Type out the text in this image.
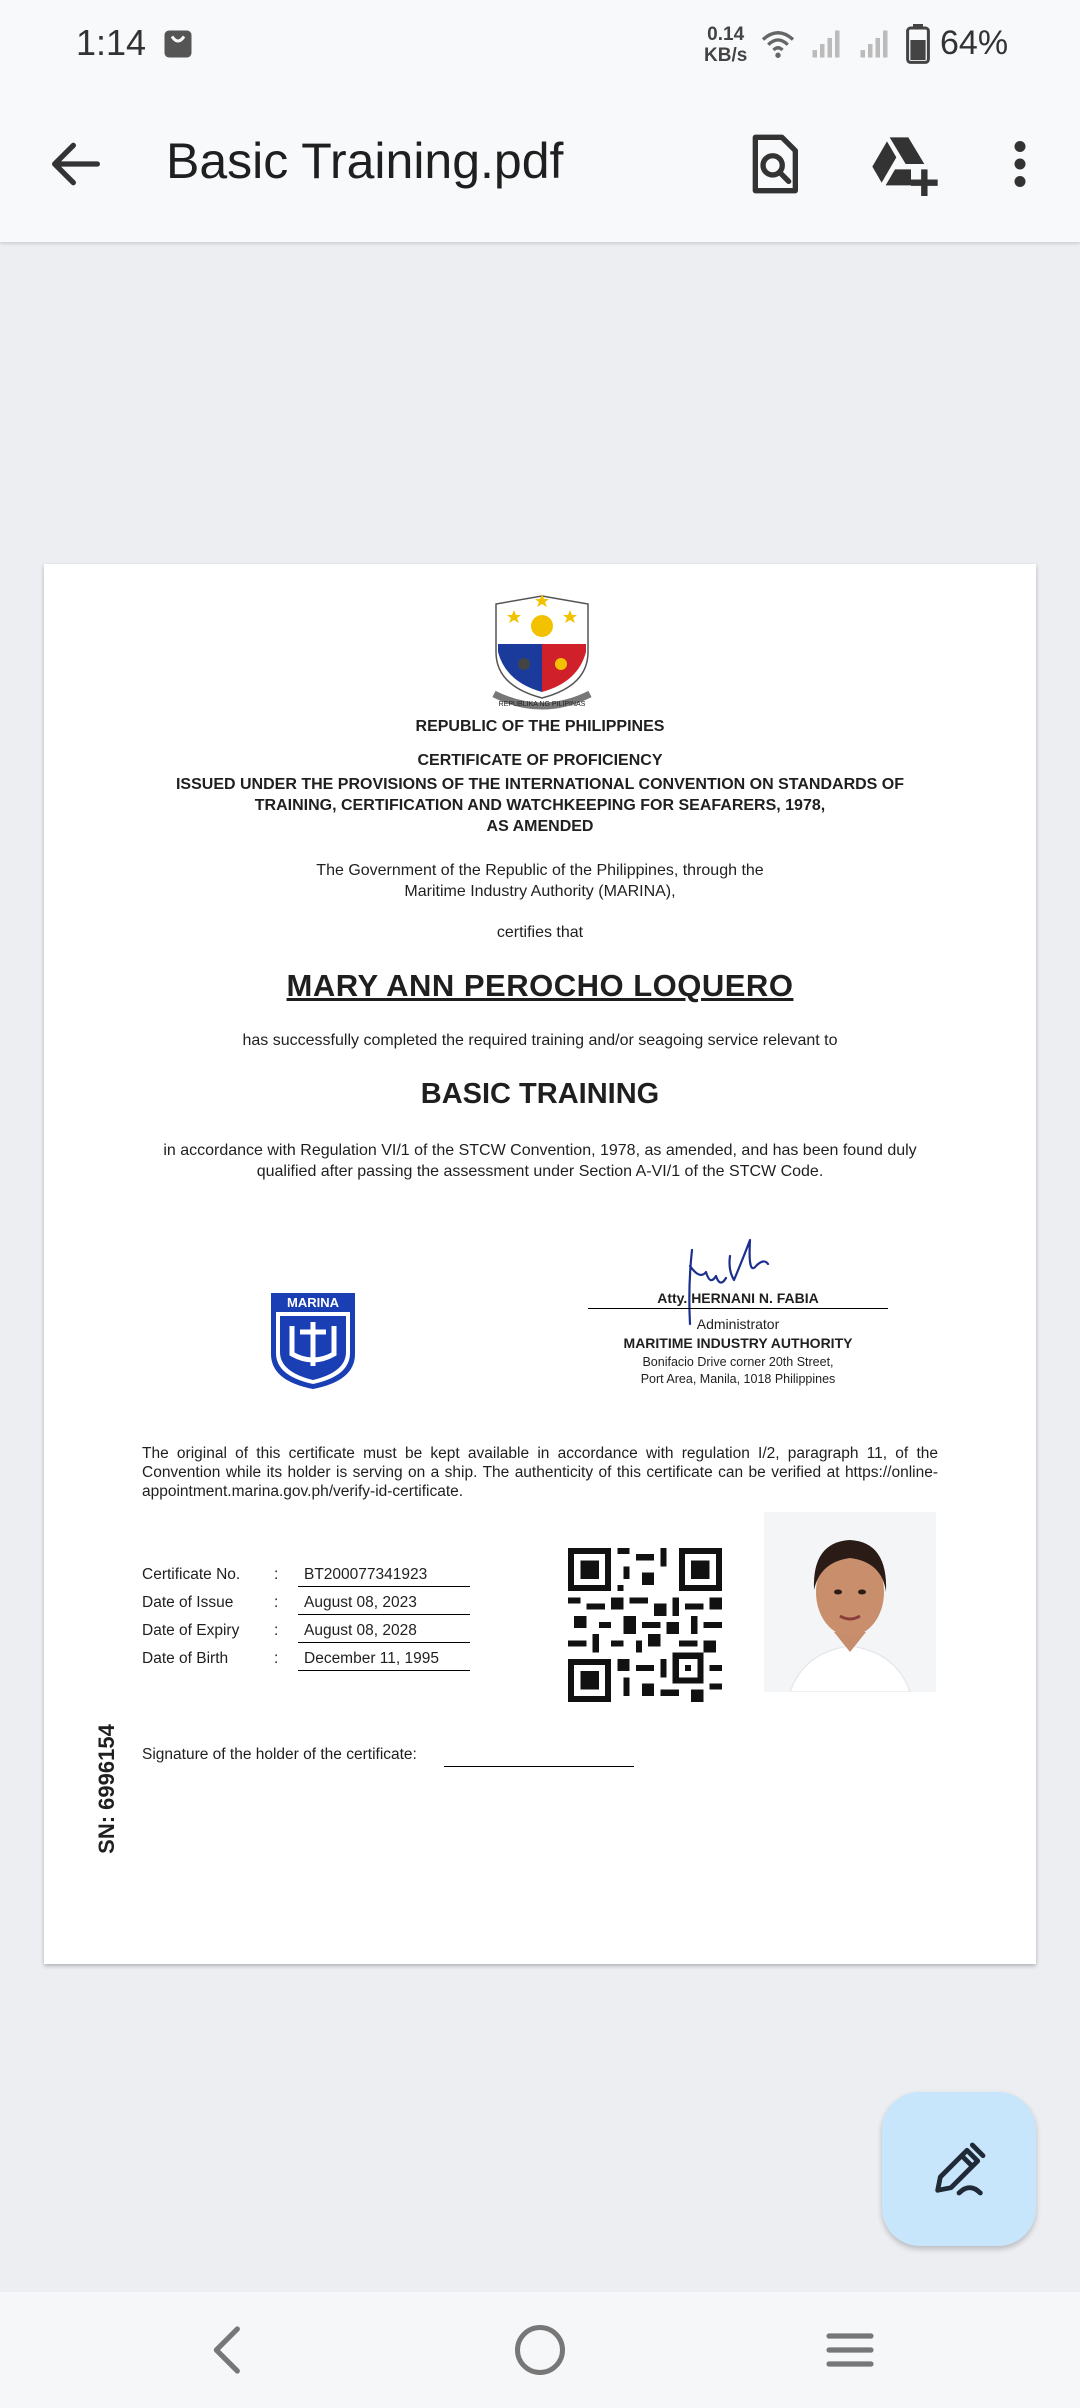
1:14	0.14
KB/s	64%
Basic Training.pdf
REPUBLIKA NG PILIPINAS
REPUBLIC OF THE PHILIPPINES
CERTIFICATE OF PROFICIENCY
ISSUED UNDER THE PROVISIONS OF THE INTERNATIONAL CONVENTION ON STANDARDS OF
TRAINING, CERTIFICATION AND WATCHKEEPING FOR SEAFARERS, 1978,
AS AMENDED
The Government of the Republic of the Philippines, through the
Maritime Industry Authority (MARINA),
certifies that
MARY ANN PEROCHO LOQUERO
has successfully completed the required training and/or seagoing service relevant to
BASIC TRAINING
in accordance with Regulation VI/1 of the STCW Convention, 1978, as amended, and has been found duly
qualified after passing the assessment under Section A-VI/1 of the STCW Code.
MARINA	Atty. HERNANI N. FABIA
Administrator
MARITIME INDUSTRY AUTHORITY
Bonifacio Drive corner 20th Street,
Port Area, Manila, 1018 Philippines
The original of this certificate must be kept available in accordance with regulation I/2, paragraph 11, of the Convention while its holder is serving on a ship. The authenticity of this certificate can be verified at https://online-appointment.marina.gov.ph/verify-id-certificate.
Certificate No. :	BT200077341923
Date of Issue	:	August 08, 2023
Date of Expiry :	August 08, 2028
Date of Birth	:	December 11, 1995
Signature of the holder of the certificate:
SN: 6996154
